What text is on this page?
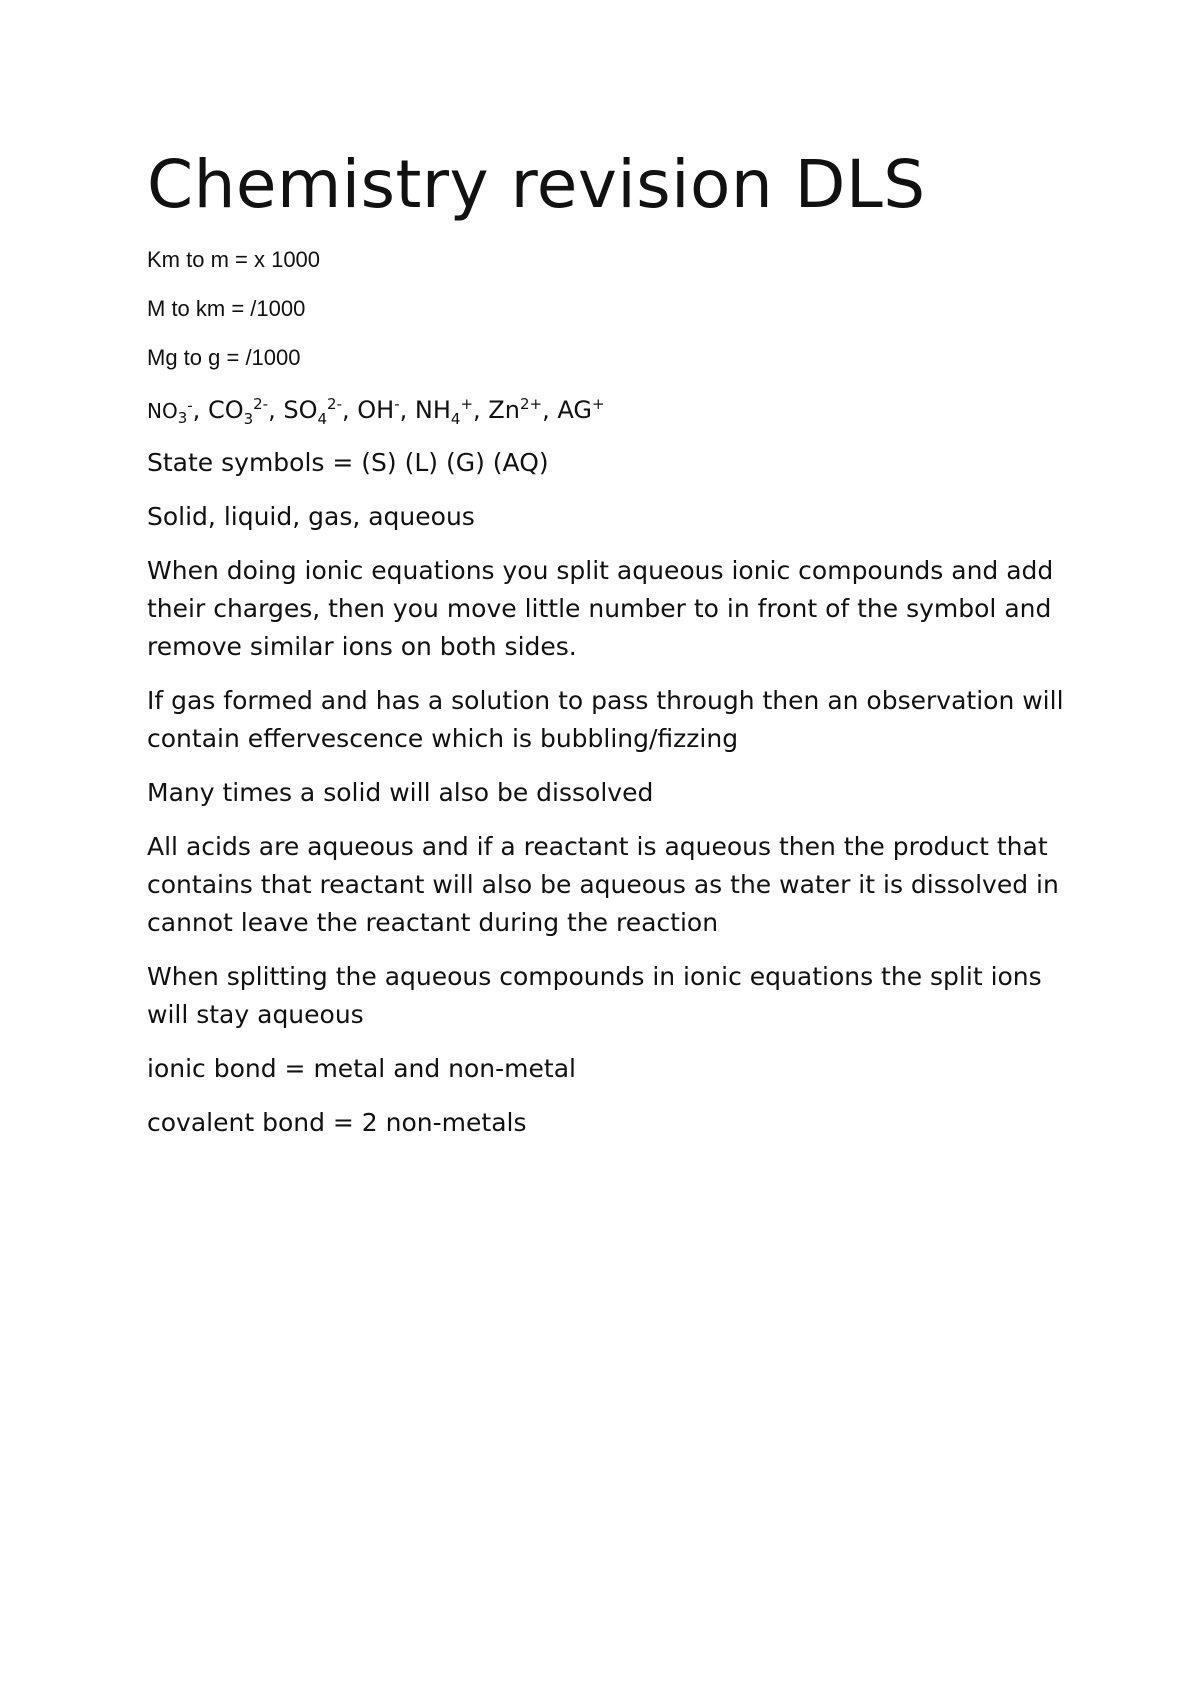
Chemistry revision DLS

Km to m = x 1000

M to km = /1000

Mg to g = /1000

$NO_3^-$, $CO_3^{2-}$, $SO_4^{2-}$, OH-, $NH_4^+$, $Zn^{2+}$, AG+

State symbols = (S) (L) (G) (AQ)

Solid, liquid, gas, aqueous

When doing ionic equations you split aqueous ionic compounds and add their charges, then you move little number to in front of the symbol and remove similar ions on both sides.

If gas formed and has a solution to pass through then an observation will contain effervescence which is bubbling/fizzing

Many times a solid will also be dissolved

All acids are aqueous and if a reactant is aqueous then the product that contains that reactant will also be aqueous as the water it is dissolved in cannot leave the reactant during the reaction

When splitting the aqueous compounds in ionic equations the split ions will stay aqueous

ionic bond = metal and non-metal

covalent bond = 2 non-metals
